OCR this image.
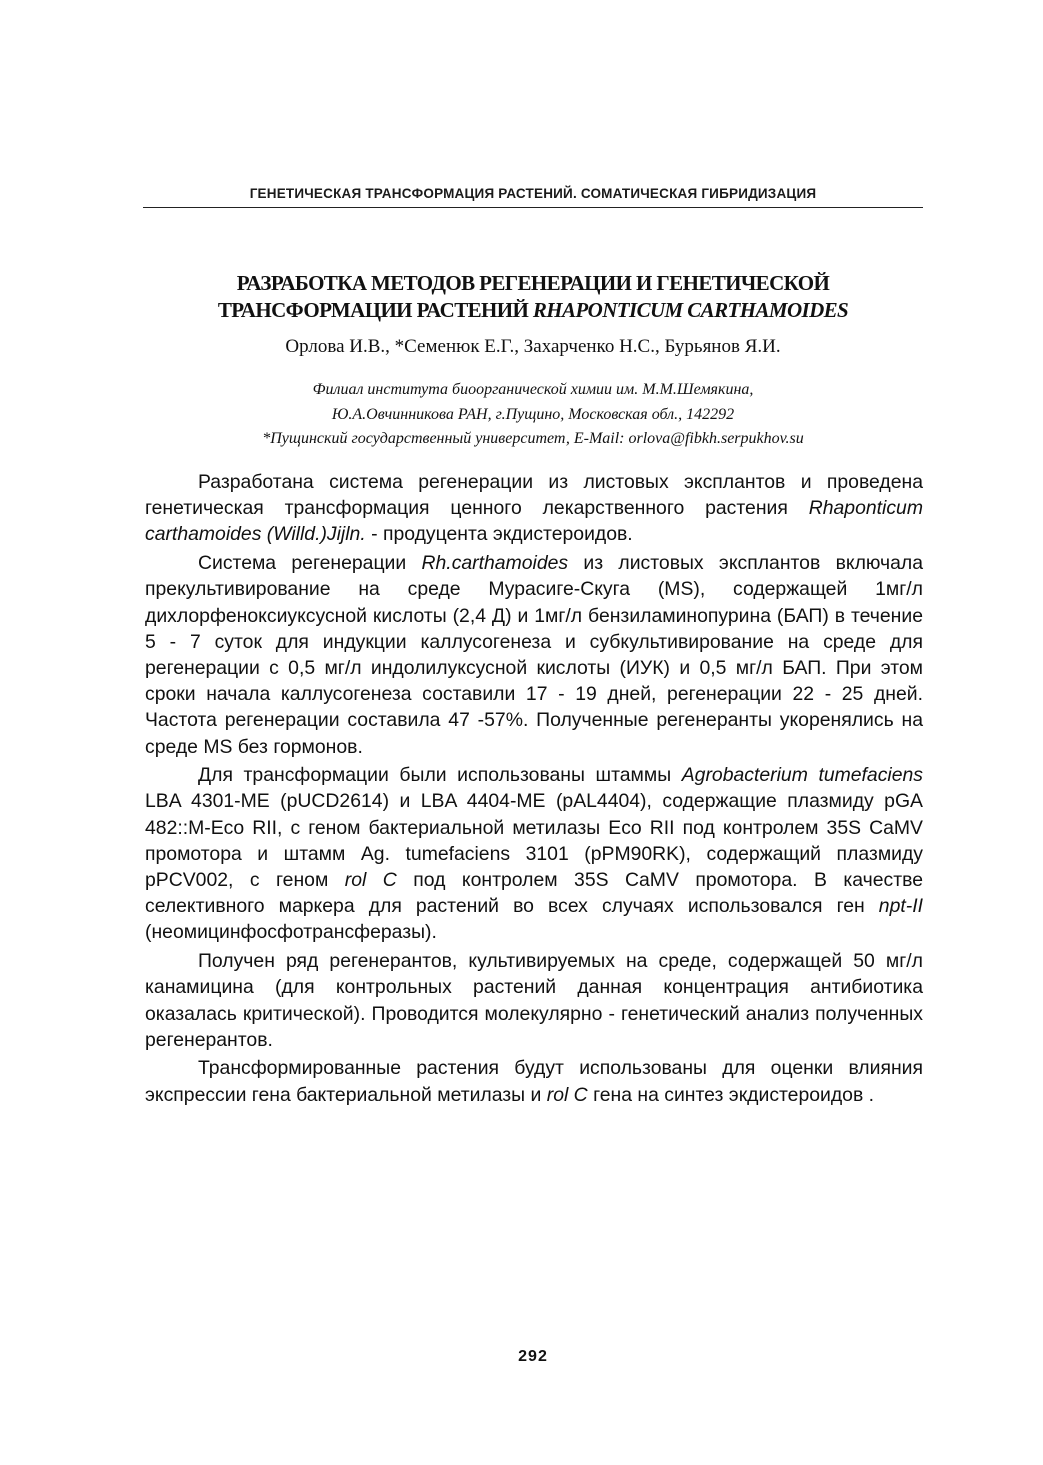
ГЕНЕТИЧЕСКАЯ ТРАНСФОРМАЦИЯ РАСТЕНИЙ. СОМАТИЧЕСКАЯ ГИБРИДИЗАЦИЯ
РАЗРАБОТКА МЕТОДОВ РЕГЕНЕРАЦИИ И ГЕНЕТИЧЕСКОЙ
ТРАНСФОРМАЦИИ РАСТЕНИЙ RHAPONTICUM CARTHAMOIDES
Орлова И.В., *Семенюк Е.Г., Захарченко Н.С., Бурьянов Я.И.
Филиал института биоорганической химии им. М.М.Шемякина,
Ю.А.Овчинникова РАН, г.Пущино, Московская обл., 142292
*Пущинский государственный университет, E-Mail: orlova@fibkh.serpukhov.su

Разработана система регенерации из листовых эксплантов и проведена генетическая трансформация ценного лекарственного растения Rhaponticum carthamoides (Willd.)Jijln. - продуцента экдистероидов.

Система регенерации Rh.carthamoides из листовых эксплантов включала прекультивирование на среде Мурасиге-Скуга (MS), содержащей 1мг/л дихлорфеноксиуксусной кислоты (2,4 Д) и 1мг/л бензиламинопурина (БАП) в течение 5 - 7 суток для индукции каллусогенеза и субкультивирование на среде для регенерации с 0,5 мг/л индолилуксусной кислоты (ИУК) и 0,5 мг/л БАП. При этом сроки начала каллусогенеза составили 17 - 19 дней, регенерации 22 - 25 дней. Частота регенерации составила 47 -57%. Полученные регенеранты укоренялись на среде MS без гормонов.

Для трансформации были использованы штаммы Agrobacterium tumefaciens LBA 4301-ME (pUCD2614) и LBA 4404-ME (pAL4404), содержащие плазмиду pGA 482::M-Eco RII, с геном бактериальной метилазы Eco RII под контролем 35S CaMV промотора и штамм Ag. tumefaciens 3101 (pPM90RK), содержащий плазмиду pPCV002, с геном rol C под контролем 35S CaMV промотора. В качестве селективного маркера для растений во всех случаях использовался ген npt-II (неомицинфосфотрансферазы).

Получен ряд регенерантов, культивируемых на среде, содержащей 50 мг/л канамицина (для контрольных растений данная концентрация антибиотика оказалась критической). Проводится молекулярно - генетический анализ полученных регенерантов.

Трансформированные растения будут использованы для оценки влияния экспрессии гена бактериальной метилазы и rol C гена на синтез экдистероидов .

292
